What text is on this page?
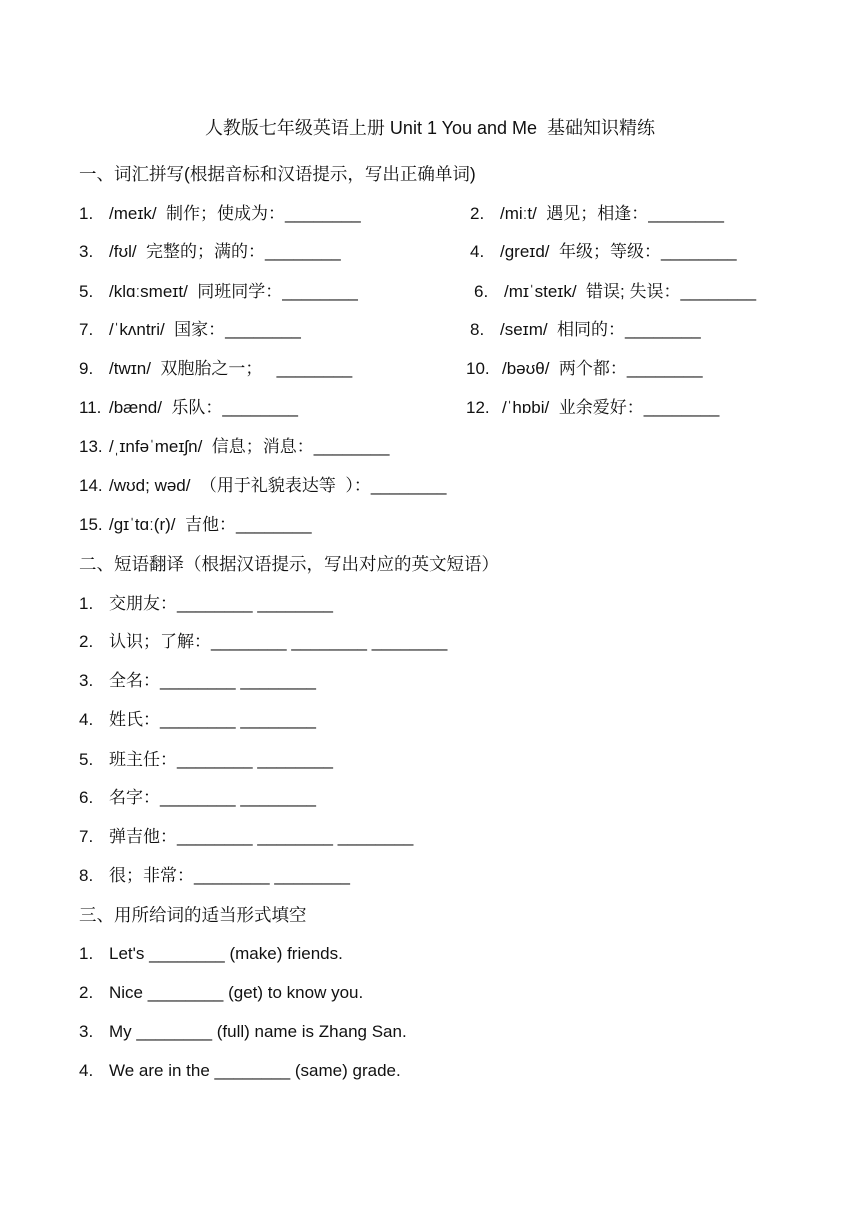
人教版七年级英语上册 Unit 1 You and Me  基础知识精练
一、词汇拼写(根据音标和汉语提示，写出正确单词)
1. /meɪk/  制作；使成为：________	2. /miːt/  遇见；相逢：________
3. /fʊl/  完整的；满的：________	4. /ɡreɪd/  年级；等级：________
5. /klɑːsmeɪt/  同班同学：________	6. /mɪˈsteɪk/  错误; 失误：________
7. /ˈkʌntri/  国家：________	8. /seɪm/  相同的：________
9. /twɪn/  双胞胎之一；   ________	10. /bəʊθ/  两个都：________
11. /bænd/  乐队：________	12. /ˈhɒbi/  业余爱好：________
13. /ˌɪnfəˈmeɪʃn/  信息；消息：________
14. /wʊd; wəd/  （用于礼貌表达等  ）：________
15. /ɡɪˈtɑː(r)/  吉他：________
二、短语翻译（根据汉语提示，写出对应的英文短语）
1. 交朋友：________ ________
2. 认识；了解：________ ________ ________
3. 全名：________ ________
4. 姓氏：________ ________
5. 班主任：________ ________
6. 名字：________ ________
7. 弹吉他：________ ________ ________
8. 很；非常：________ ________
三、用所给词的适当形式填空
1. Let's ________ (make) friends.
2. Nice ________ (get) to know you.
3. My ________ (full) name is Zhang San.
4. We are in the ________ (same) grade.
